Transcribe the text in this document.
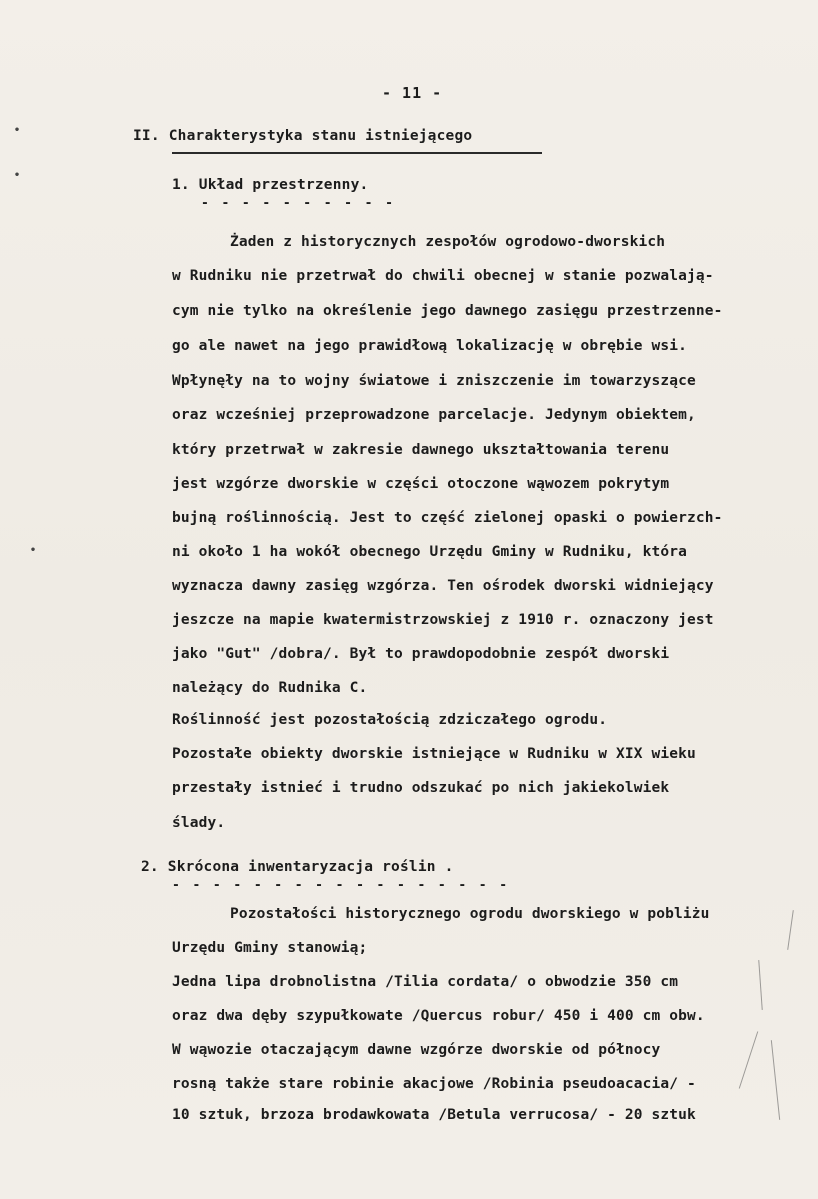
- 11 -
II. Charakterystyka stanu istniejącego
1. Układ przestrzenny.
- - - - - - - - - -
Żaden z historycznych zespołów ogrodowo-dworskich
w Rudniku nie przetrwał do chwili obecnej w stanie pozwalają-
cym nie tylko na określenie jego dawnego zasięgu przestrzenne-
go ale nawet na jego prawidłową lokalizację w obrębie wsi.
Wpłynęły na to wojny światowe i zniszczenie im towarzyszące
oraz wcześniej przeprowadzone parcelacje. Jedynym obiektem,
który przetrwał w zakresie dawnego ukształtowania terenu
jest wzgórze dworskie w części otoczone wąwozem pokrytym
bujną roślinnością. Jest to część zielonej opaski o powierzch-
ni około 1 ha wokół obecnego Urzędu Gminy w Rudniku, która
wyznacza dawny zasięg wzgórza. Ten ośrodek dworski widniejący
jeszcze na mapie kwatermistrzowskiej z 1910 r. oznaczony jest
jako "Gut" /dobra/. Był to prawdopodobnie zespół dworski
należący do Rudnika C.
Roślinność jest pozostałością zdziczałego ogrodu.
Pozostałe obiekty dworskie istniejące w Rudniku w XIX wieku
przestały istnieć i trudno odszukać po nich jakiekolwiek
ślady.
2. Skrócona inwentaryzacja roślin .
- - - - - - - - - - - - - - - - -
Pozostałości historycznego ogrodu dworskiego w pobliżu
Urzędu Gminy stanowią;
Jedna lipa drobnolistna /Tilia cordata/ o obwodzie 350 cm
oraz dwa dęby szypułkowate /Quercus robur/ 450 i 400 cm obw.
W wąwozie otaczającym dawne wzgórze dworskie od północy
rosną także stare robinie akacjowe /Robinia pseudoacacia/ -
10 sztuk, brzoza brodawkowata /Betula verrucosa/ - 20 sztuk
•
•
•
